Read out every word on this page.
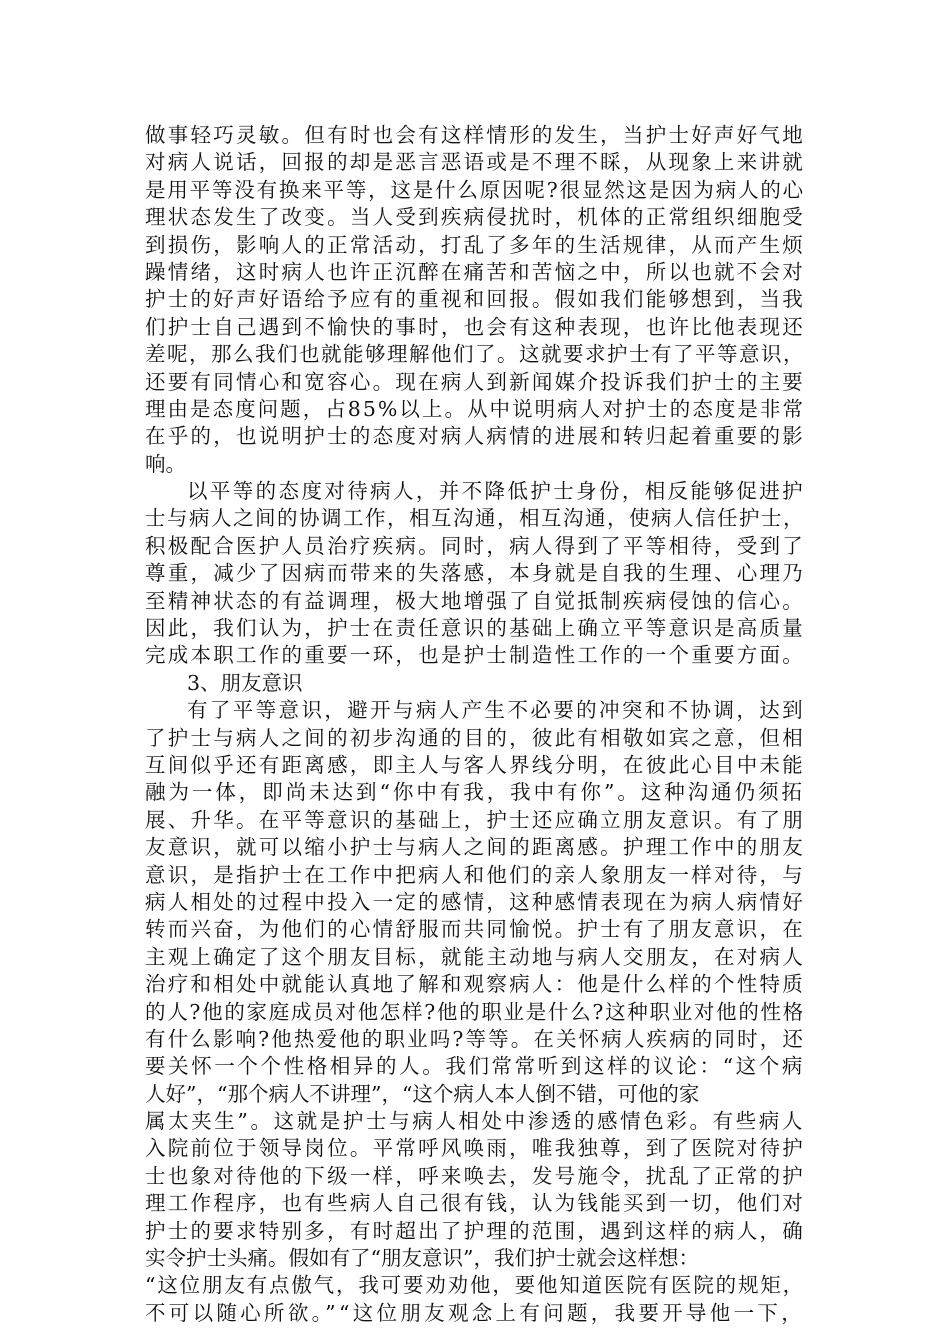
做事轻巧灵敏。但有时也会有这样情形的发生，当护士好声好气地
对病人说话，回报的却是恶言恶语或是不理不睬，从现象上来讲就
是用平等没有换来平等，这是什么原因呢?很显然这是因为病人的心
理状态发生了改变。当人受到疾病侵扰时，机体的正常组织细胞受
到损伤，影响人的正常活动，打乱了多年的生活规律，从而产生烦
躁情绪，这时病人也许正沉醉在痛苦和苦恼之中，所以也就不会对
护士的好声好语给予应有的重视和回报。假如我们能够想到，当我
们护士自己遇到不愉快的事时，也会有这种表现，也许比他表现还
差呢，那么我们也就能够理解他们了。这就要求护士有了平等意识，
还要有同情心和宽容心。现在病人到新闻媒介投诉我们护士的主要
理由是态度问题，占85%以上。从中说明病人对护士的态度是非常
在乎的，也说明护士的态度对病人病情的进展和转归起着重要的影
响。
以平等的态度对待病人，并不降低护士身份，相反能够促进护
士与病人之间的协调工作，相互沟通，相互沟通，使病人信任护士，
积极配合医护人员治疗疾病。同时，病人得到了平等相待，受到了
尊重，减少了因病而带来的失落感，本身就是自我的生理、心理乃
至精神状态的有益调理，极大地增强了自觉抵制疾病侵蚀的信心。
因此，我们认为，护士在责任意识的基础上确立平等意识是高质量
完成本职工作的重要一环，也是护士制造性工作的一个重要方面。
3、朋友意识
有了平等意识，避开与病人产生不必要的冲突和不协调，达到
了护士与病人之间的初步沟通的目的，彼此有相敬如宾之意，但相
互间似乎还有距离感，即主人与客人界线分明，在彼此心目中未能
融为一体，即尚未达到“你中有我，我中有你”。这种沟通仍须拓
展、升华。在平等意识的基础上，护士还应确立朋友意识。有了朋
友意识，就可以缩小护士与病人之间的距离感。护理工作中的朋友
意识，是指护士在工作中把病人和他们的亲人象朋友一样对待，与
病人相处的过程中投入一定的感情，这种感情表现在为病人病情好
转而兴奋，为他们的心情舒服而共同愉悦。护士有了朋友意识，在
主观上确定了这个朋友目标，就能主动地与病人交朋友，在对病人
治疗和相处中就能认真地了解和观察病人：他是什么样的个性特质
的人?他的家庭成员对他怎样?他的职业是什么?这种职业对他的性格
有什么影响?他热爱他的职业吗?等等。在关怀病人疾病的同时，还
要关怀一个个性格相异的人。我们常常听到这样的议论：“这个病
人好”，“那个病人不讲理”，“这个病人本人倒不错，可他的家
属太夹生”。这就是护士与病人相处中渗透的感情色彩。有些病人
入院前位于领导岗位。平常呼风唤雨，唯我独尊，到了医院对待护
士也象对待他的下级一样，呼来唤去，发号施令，扰乱了正常的护
理工作程序，也有些病人自己很有钱，认为钱能买到一切，他们对
护士的要求特别多，有时超出了护理的范围，遇到这样的病人，确
实令护士头痛。假如有了“朋友意识”，我们护士就会这样想：
“这位朋友有点傲气，我可要劝劝他，要他知道医院有医院的规矩，
不可以随心所欲。”“这位朋友观念上有问题，我要开导他一下，
